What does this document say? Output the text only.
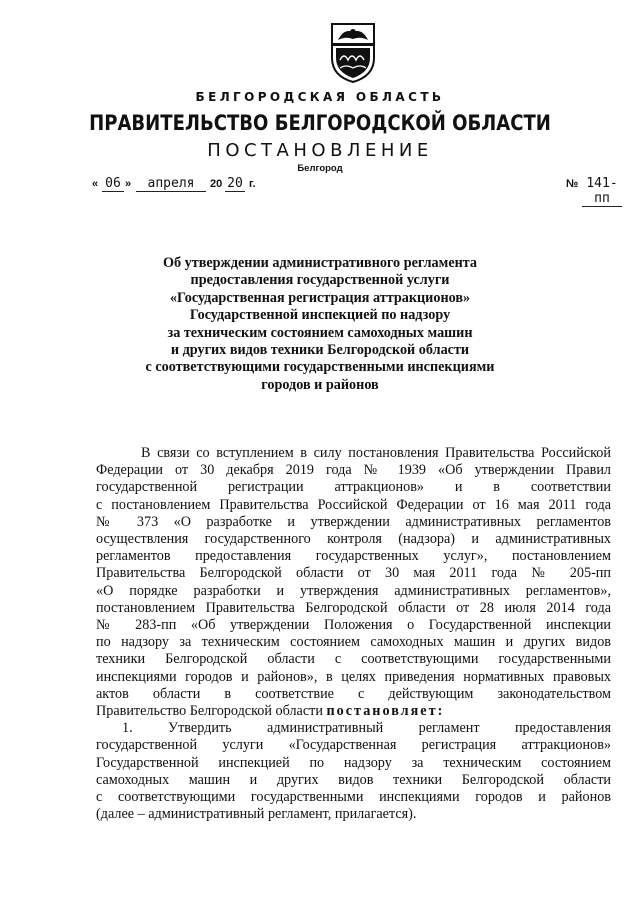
БЕЛГОРОДСКАЯ ОБЛАСТЬ
ПРАВИТЕЛЬСТВО БЕЛГОРОДСКОЙ ОБЛАСТИ
ПОСТАНОВЛЕНИЕ
Белгород
« 06 »	апреля	20 20 г.	№ 141-пп
Об утверждении административного регламента
предоставления государственной услуги
«Государственная регистрация аттракционов»
Государственной инспекцией по надзору
за техническим состоянием самоходных машин
и других видов техники Белгородской области
с соответствующими государственными инспекциями
городов и районов
В связи со вступлением в силу постановления Правительства Российской
Федерации от 30 декабря 2019 года № 1939 «Об утверждении Правил
государственной регистрации аттракционов» и в соответствии
с постановлением Правительства Российской Федерации от 16 мая 2011 года
№ 373 «О разработке и утверждении административных регламентов
осуществления государственного контроля (надзора) и административных
регламентов предоставления государственных услуг», постановлением
Правительства Белгородской области от 30 мая 2011 года № 205-пп
«О порядке разработки и утверждения административных регламентов»,
постановлением Правительства Белгородской области от 28 июля 2014 года
№ 283-пп «Об утверждении Положения о Государственной инспекции
по надзору за техническим состоянием самоходных машин и других видов
техники Белгородской области с соответствующими государственными
инспекциями городов и районов», в целях приведения нормативных правовых
актов области в соответствие с действующим законодательством
Правительство Белгородской области постановляет:
1. Утвердить административный регламент предоставления
государственной услуги «Государственная регистрация аттракционов»
Государственной инспекцией по надзору за техническим состоянием
самоходных машин и других видов техники Белгородской области
с соответствующими государственными инспекциями городов и районов
(далее – административный регламент, прилагается).
